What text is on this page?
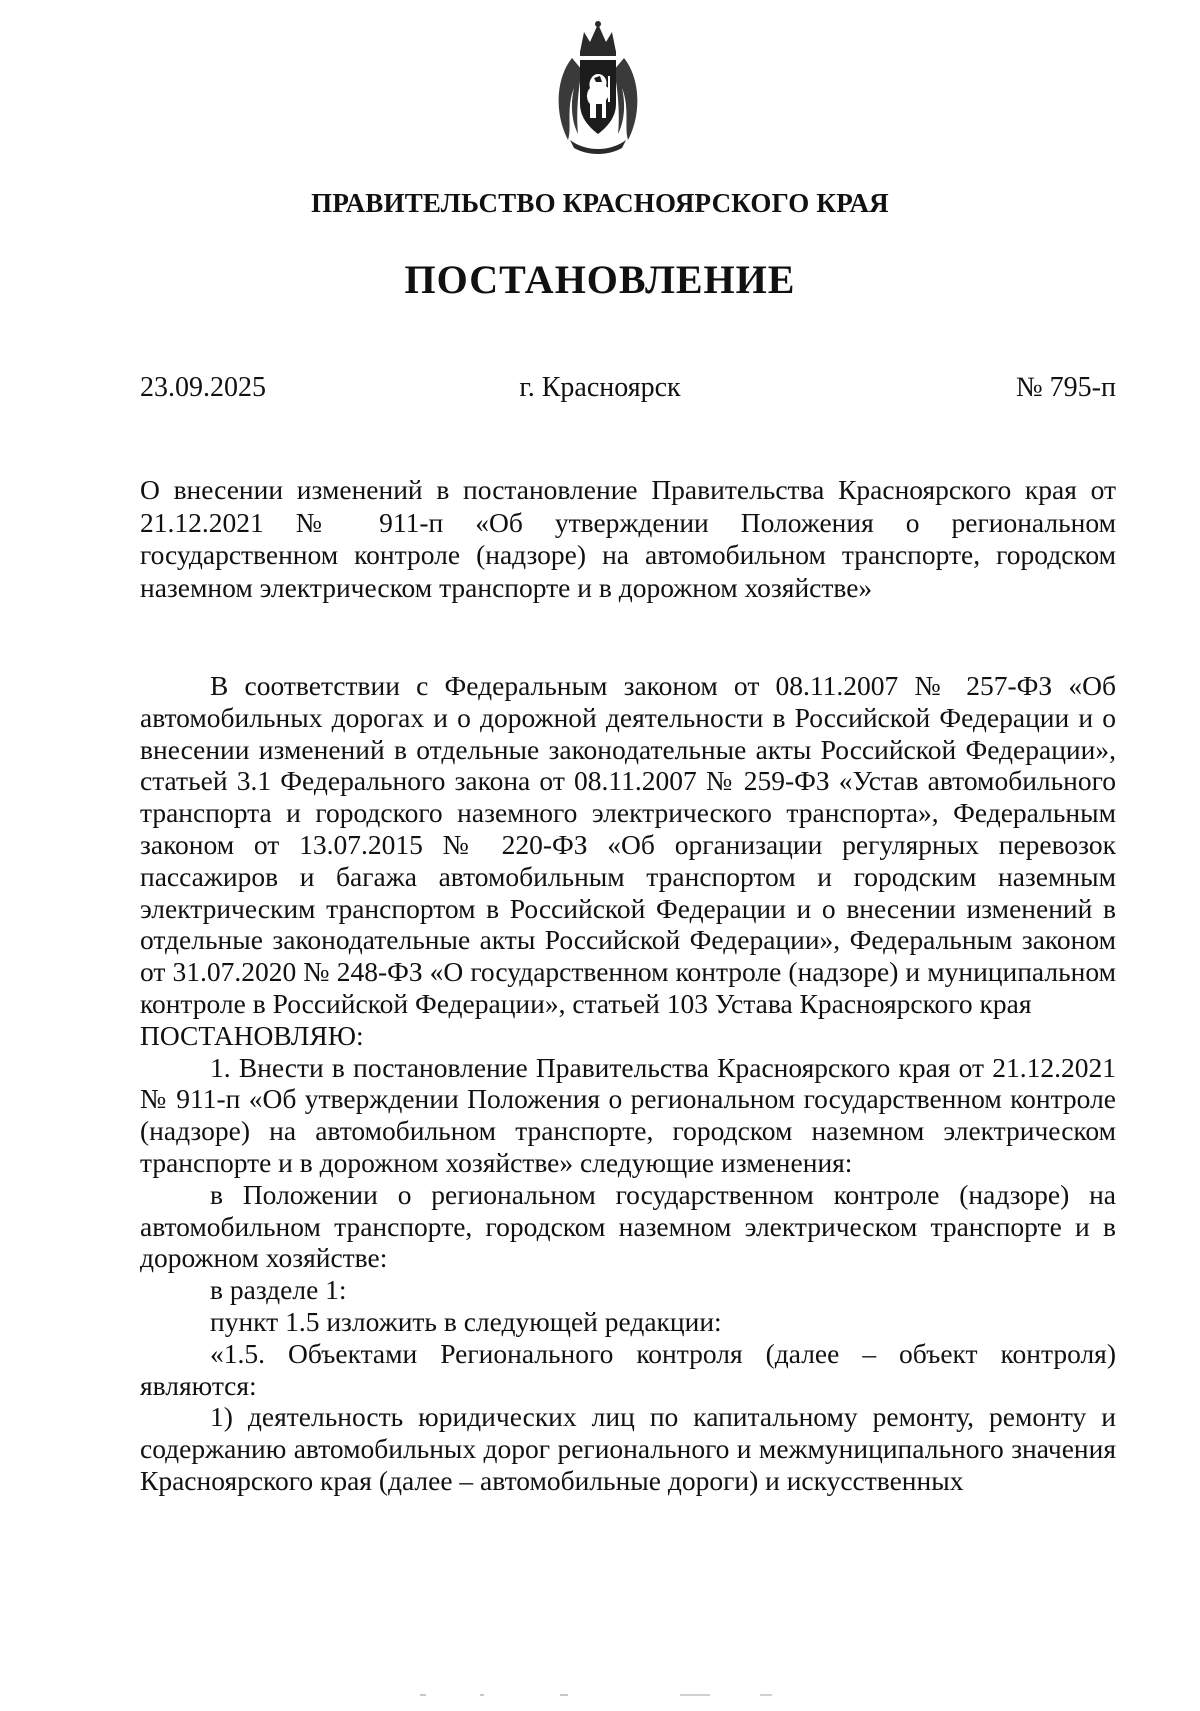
ПРАВИТЕЛЬСТВО КРАСНОЯРСКОГО КРАЯ
ПОСТАНОВЛЕНИЕ
23.09.2025	г. Красноярск	№ 795-п
О внесении изменений в постановление Правительства Красноярского края от 21.12.2021 № 911-п «Об утверждении Положения о региональном государственном контроле (надзоре) на автомобильном транспорте, городском наземном электрическом транспорте и в дорожном хозяйстве»

В соответствии с Федеральным законом от 08.11.2007 № 257-ФЗ «Об автомобильных дорогах и о дорожной деятельности в Российской Федерации и о внесении изменений в отдельные законодательные акты Российской Федерации», статьей 3.1 Федерального закона от 08.11.2007 № 259-ФЗ «Устав автомобильного транспорта и городского наземного электрического транспорта», Федеральным законом от 13.07.2015 № 220-ФЗ «Об организации регулярных перевозок пассажиров и багажа автомобильным транспортом и городским наземным электрическим транспортом в Российской Федерации и о внесении изменений в отдельные законодательные акты Российской Федерации», Федеральным законом от 31.07.2020 № 248-ФЗ «О государственном контроле (надзоре) и муниципальном контроле в Российской Федерации», статьей 103 Устава Красноярского края

ПОСТАНОВЛЯЮ:

1. Внести в постановление Правительства Красноярского края от 21.12.2021 № 911-п «Об утверждении Положения о региональном государственном контроле (надзоре) на автомобильном транспорте, городском наземном электрическом транспорте и в дорожном хозяйстве» следующие изменения:

в Положении о региональном государственном контроле (надзоре) на автомобильном транспорте, городском наземном электрическом транспорте и в дорожном хозяйстве:

в разделе 1:

пункт 1.5 изложить в следующей редакции:

«1.5. Объектами Регионального контроля (далее – объект контроля) являются:

1) деятельность юридических лиц по капитальному ремонту, ремонту и содержанию автомобильных дорог регионального и межмуниципального значения Красноярского края (далее – автомобильные дороги) и искусственных
